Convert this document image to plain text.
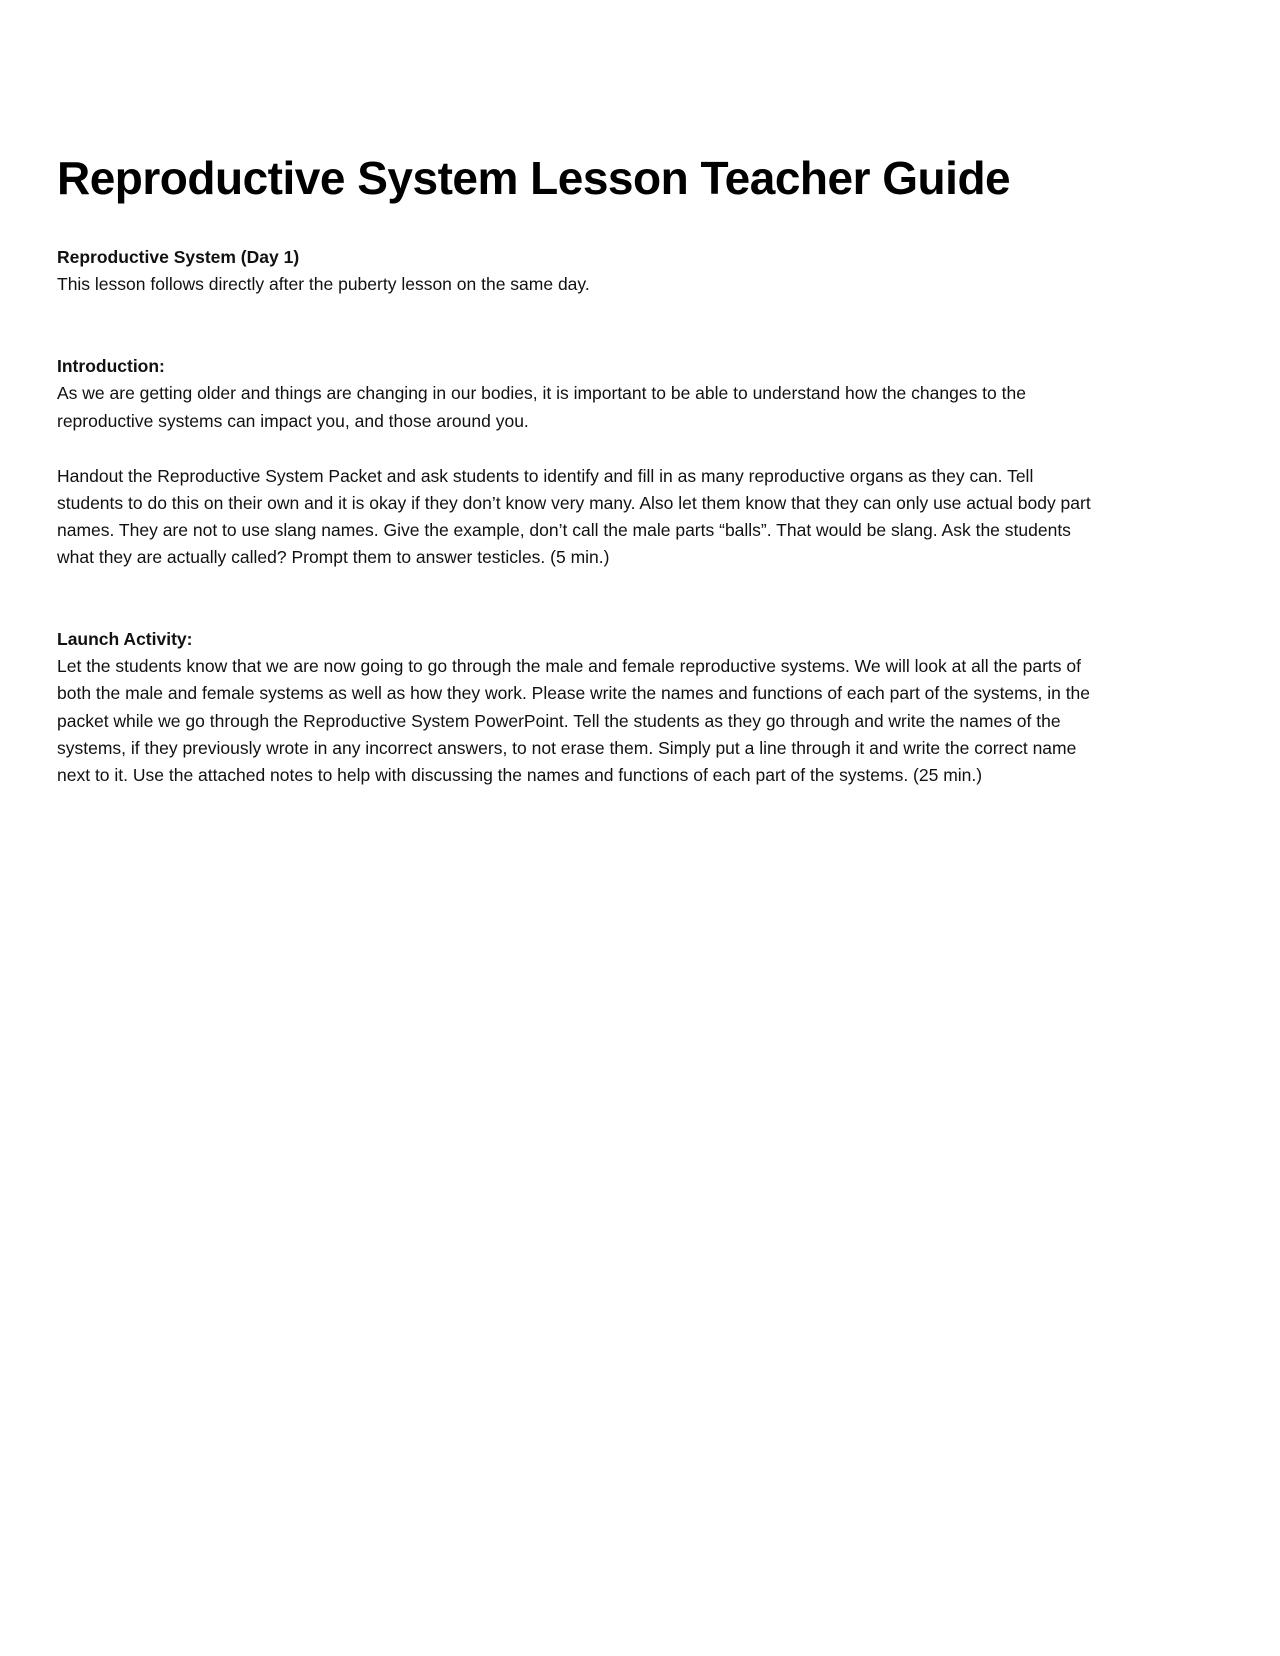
Reproductive System Lesson Teacher Guide
Reproductive System (Day 1)

This lesson follows directly after the puberty lesson on the same day.

Introduction:

As we are getting older and things are changing in our bodies, it is important to be able to understand how the changes to the reproductive systems can impact you, and those around you.

Handout the Reproductive System Packet and ask students to identify and fill in as many reproductive organs as they can. Tell students to do this on their own and it is okay if they don’t know very many. Also let them know that they can only use actual body part names. They are not to use slang names. Give the example, don’t call the male parts “balls”. That would be slang. Ask the students what they are actually called? Prompt them to answer testicles. (5 min.)

Launch Activity:

Let the students know that we are now going to go through the male and female reproductive systems. We will look at all the parts of both the male and female systems as well as how they work. Please write the names and functions of each part of the systems, in the packet while we go through the Reproductive System PowerPoint. Tell the students as they go through and write the names of the systems, if they previously wrote in any incorrect answers, to not erase them. Simply put a line through it and write the correct name next to it. Use the attached notes to help with discussing the names and functions of each part of the systems. (25 min.)
